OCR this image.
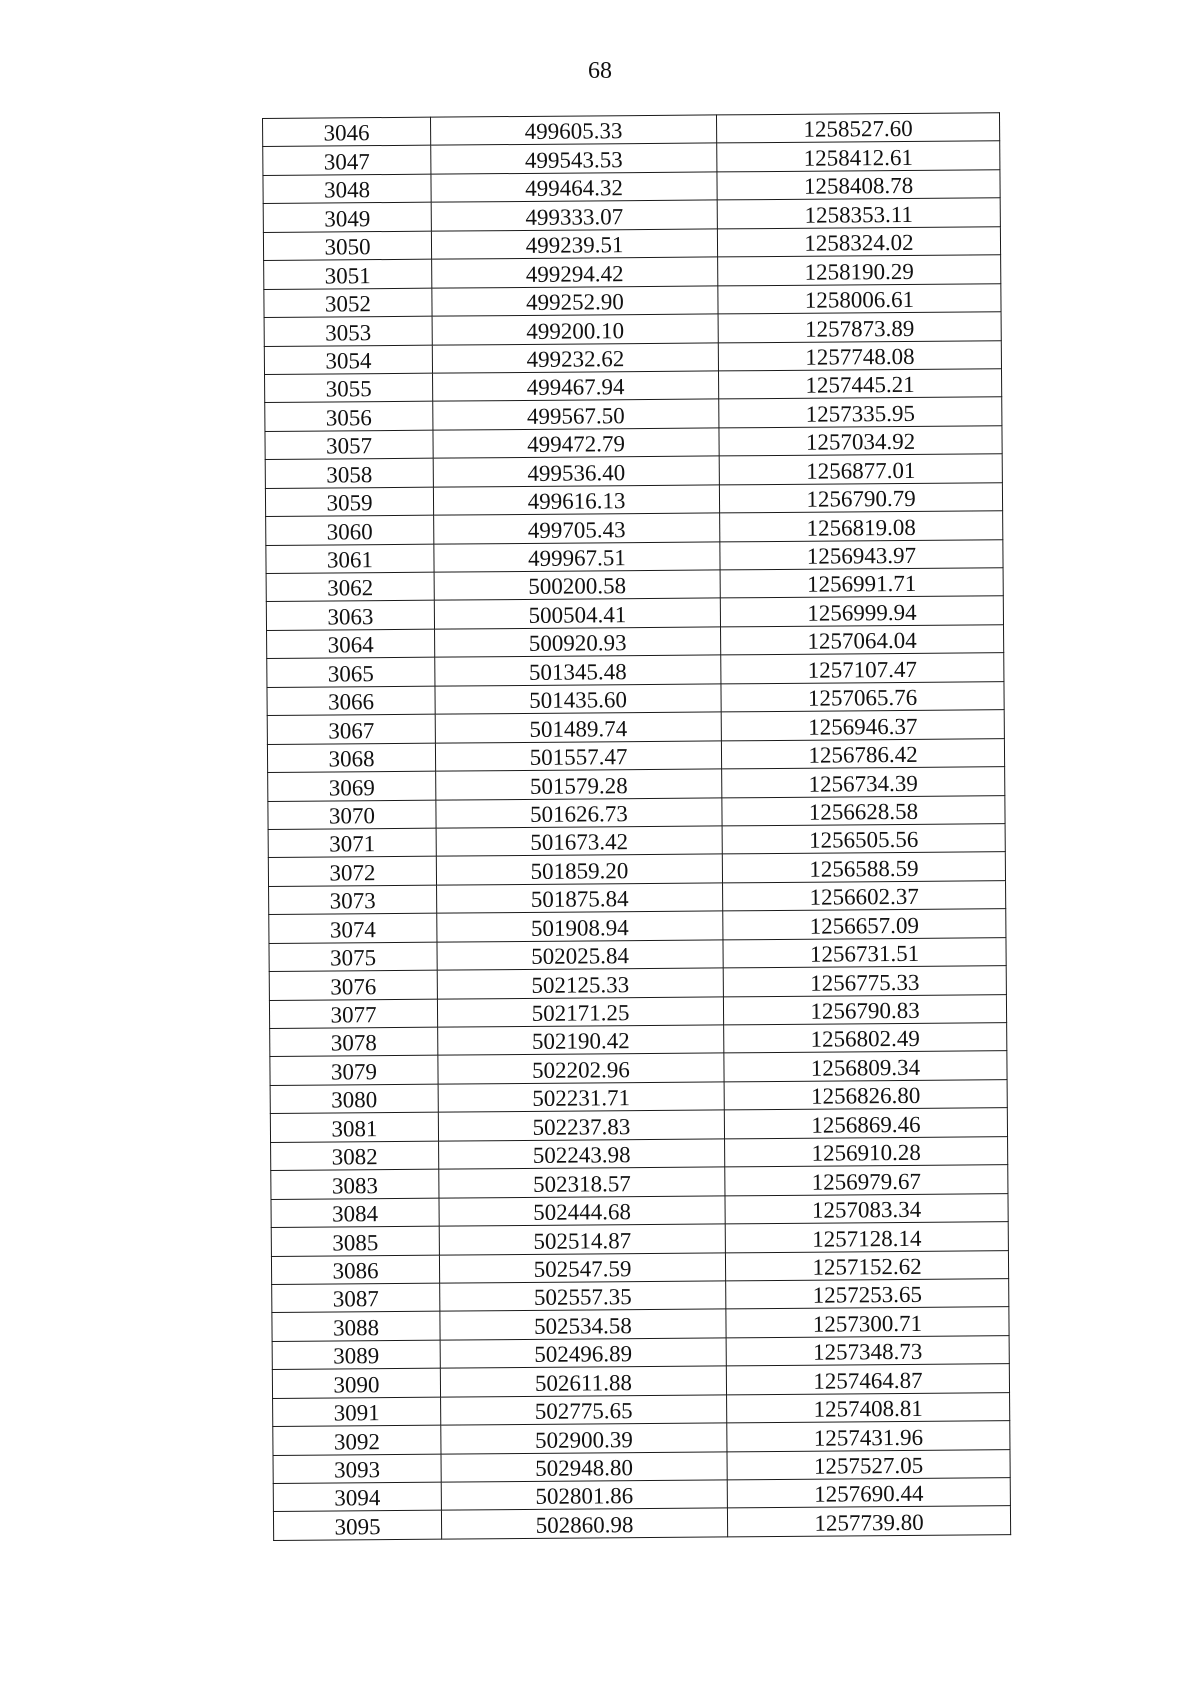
68
3046	499605.33	1258527.60
3047	499543.53	1258412.61
3048	499464.32	1258408.78
3049	499333.07	1258353.11
3050	499239.51	1258324.02
3051	499294.42	1258190.29
3052	499252.90	1258006.61
3053	499200.10	1257873.89
3054	499232.62	1257748.08
3055	499467.94	1257445.21
3056	499567.50	1257335.95
3057	499472.79	1257034.92
3058	499536.40	1256877.01
3059	499616.13	1256790.79
3060	499705.43	1256819.08
3061	499967.51	1256943.97
3062	500200.58	1256991.71
3063	500504.41	1256999.94
3064	500920.93	1257064.04
3065	501345.48	1257107.47
3066	501435.60	1257065.76
3067	501489.74	1256946.37
3068	501557.47	1256786.42
3069	501579.28	1256734.39
3070	501626.73	1256628.58
3071	501673.42	1256505.56
3072	501859.20	1256588.59
3073	501875.84	1256602.37
3074	501908.94	1256657.09
3075	502025.84	1256731.51
3076	502125.33	1256775.33
3077	502171.25	1256790.83
3078	502190.42	1256802.49
3079	502202.96	1256809.34
3080	502231.71	1256826.80
3081	502237.83	1256869.46
3082	502243.98	1256910.28
3083	502318.57	1256979.67
3084	502444.68	1257083.34
3085	502514.87	1257128.14
3086	502547.59	1257152.62
3087	502557.35	1257253.65
3088	502534.58	1257300.71
3089	502496.89	1257348.73
3090	502611.88	1257464.87
3091	502775.65	1257408.81
3092	502900.39	1257431.96
3093	502948.80	1257527.05
3094	502801.86	1257690.44
3095	502860.98	1257739.80
